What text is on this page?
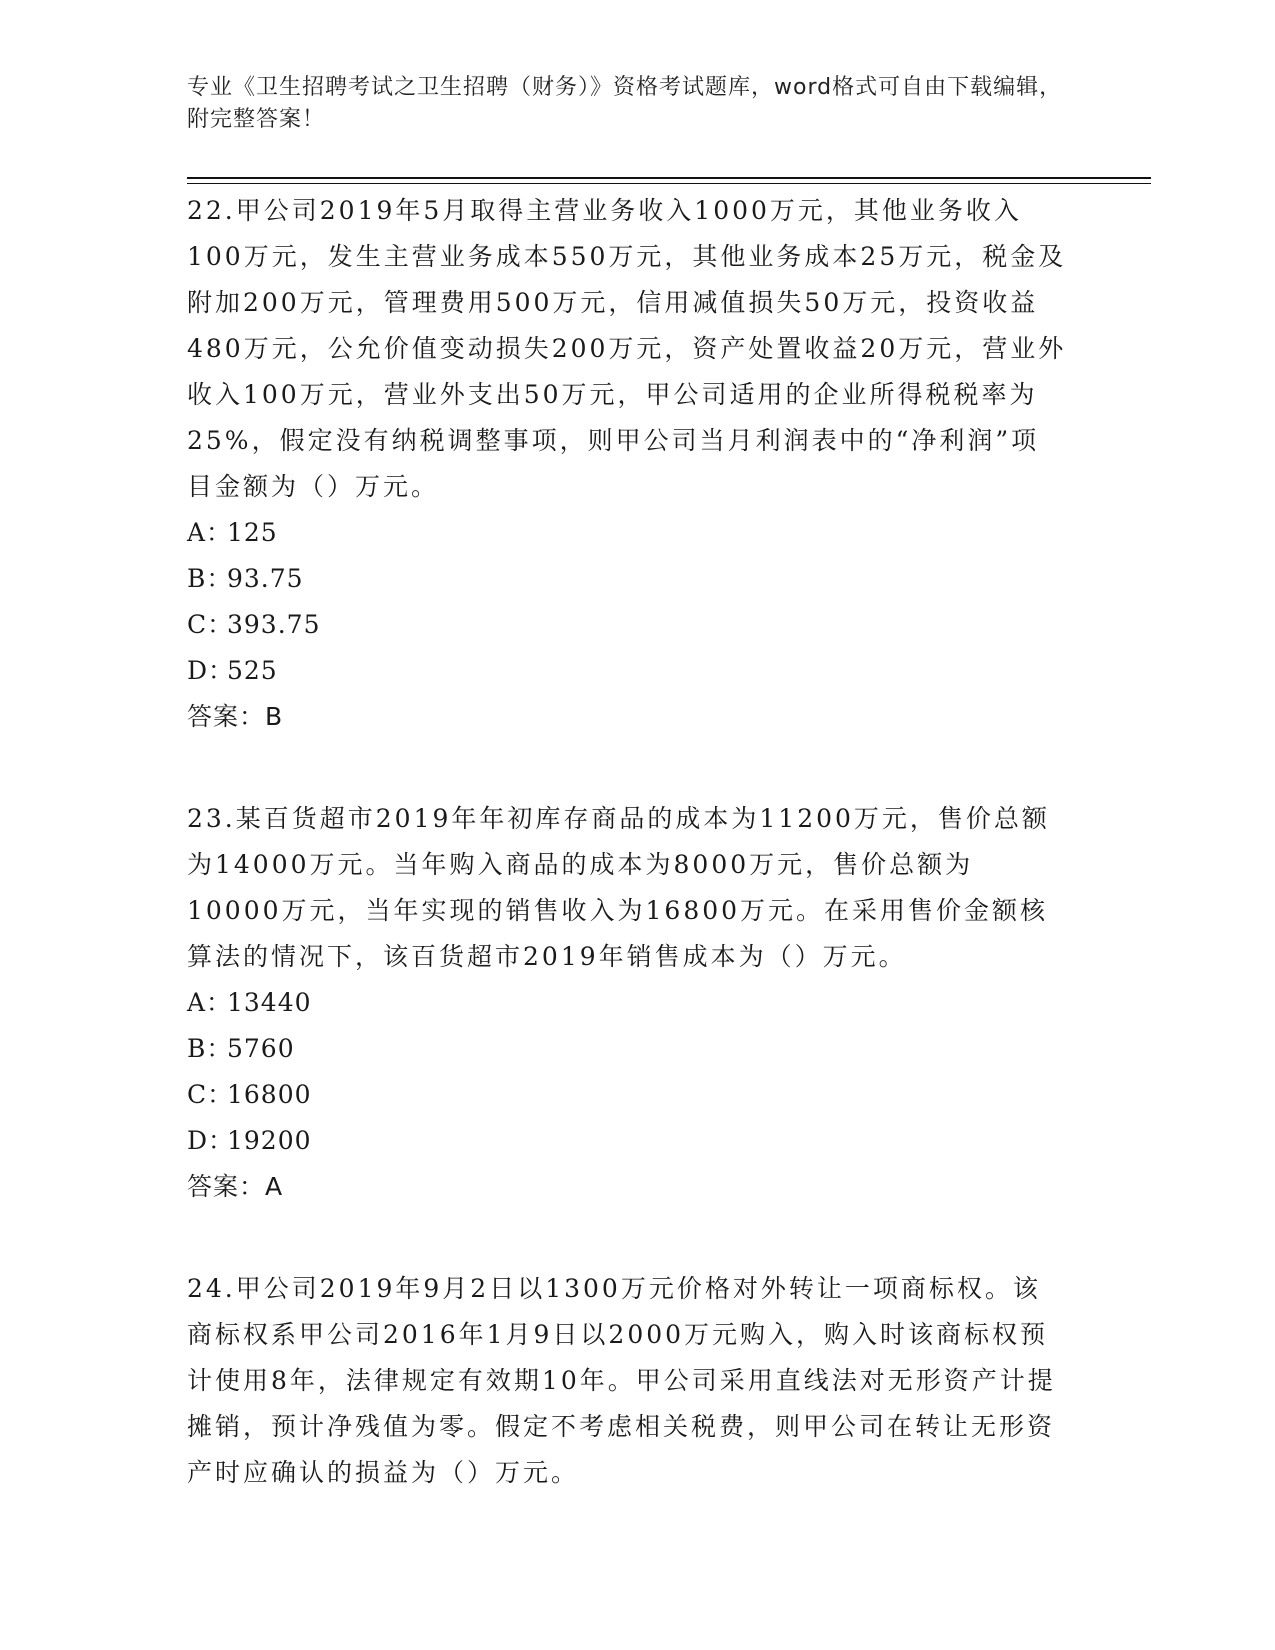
专业《卫生招聘考试之卫生招聘（财务）》资格考试题库，word格式可自由下载编辑，附完整答案！

22.甲公司2019年5月取得主营业务收入1000万元，其他业务收入100万元，发生主营业务成本550万元，其他业务成本25万元，税金及附加200万元，管理费用500万元，信用减值损失50万元，投资收益480万元，公允价值变动损失200万元，资产处置收益20万元，营业外收入100万元，营业外支出50万元，甲公司适用的企业所得税税率为25%，假定没有纳税调整事项，则甲公司当月利润表中的“净利润”项目金额为（）万元。

A：125

B：93.75

C：393.75

D：525

答案：B

23.某百货超市2019年年初库存商品的成本为11200万元，售价总额为14000万元。当年购入商品的成本为8000万元，售价总额为10000万元，当年实现的销售收入为16800万元。在采用售价金额核算法的情况下，该百货超市2019年销售成本为（）万元。

A：13440

B：5760

C：16800

D：19200

答案：A

24.甲公司2019年9月2日以1300万元价格对外转让一项商标权。该商标权系甲公司2016年1月9日以2000万元购入，购入时该商标权预计使用8年，法律规定有效期10年。甲公司采用直线法对无形资产计提摊销，预计净残值为零。假定不考虑相关税费，则甲公司在转让无形资产时应确认的损益为（）万元。
